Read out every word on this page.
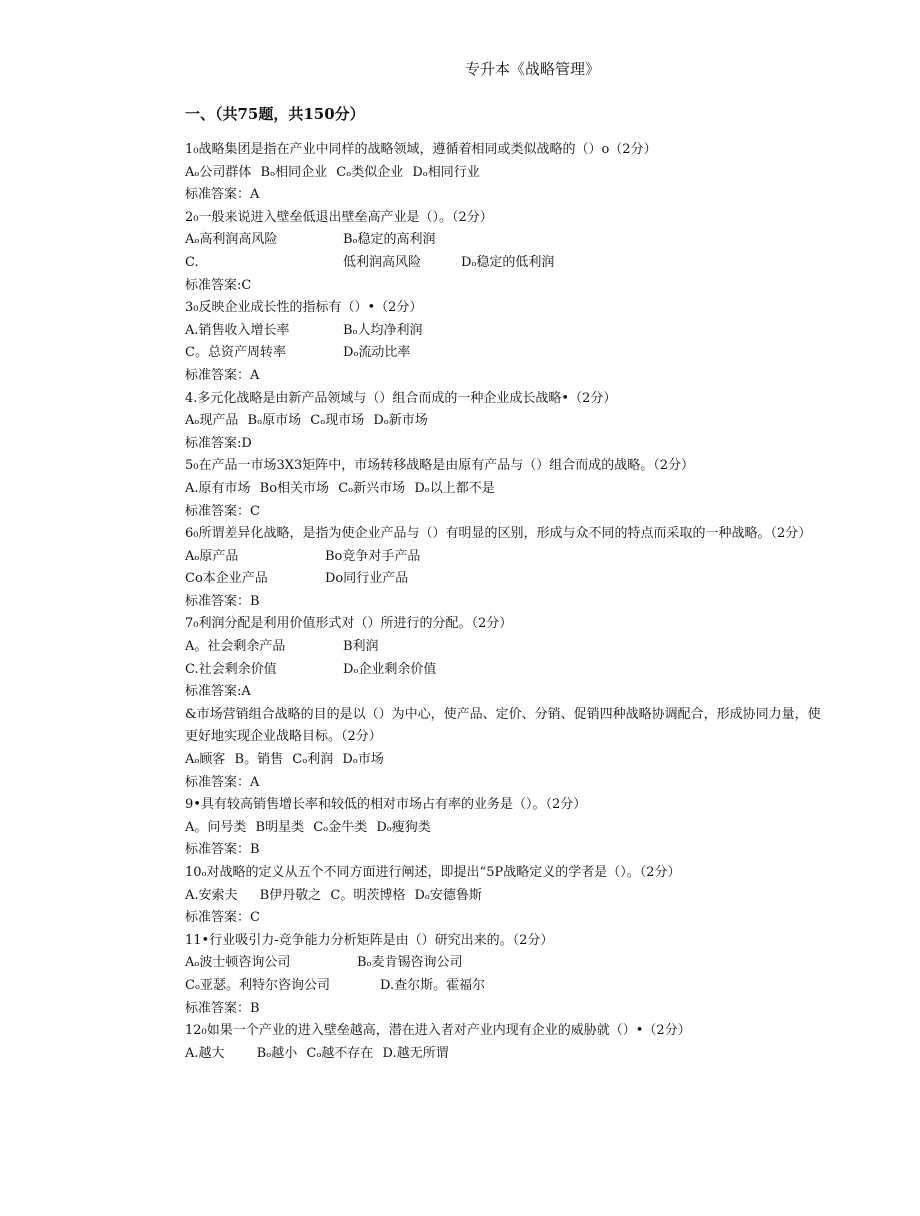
专升本《战略管理》
一、（共75题，共150分）
1₀战略集团是指在产业中同样的战略领域，遵循着相同或类似战略的（）o（2分）
Aₒ公司群体 Bₒ相同企业 Cₒ类似企业 Dₒ相同行业
标准答案：A
2₀一般来说进入壁垒低退出壁垒高产业是（）。（2分）
Aₒ高利润高风险	Bₒ稳定的高利润
C.	低利润高风险	Dₒ稳定的低利润
标准答案:C
3₀反映企业成长性的指标有（）•（2分）
A.销售收入增长率	Bₒ人均净利润
C。总资产周转率	Dₒ流动比率
标准答案：A
4.多元化战略是由新产品领域与（）组合而成的一种企业成长战略•（2分）
Aₒ现产品 Bₒ原市场 Cₒ现市场 Dₒ新市场
标准答案:D
5₀在产品一市场3X3矩阵中，市场转移战略是由原有产品与（）组合而成的战略。（2分）
A.原有市场 Bo相关市场 Cₒ新兴市场 Dₒ以上都不是
标准答案：C
6₀所谓差异化战略，是指为使企业产品与（）有明显的区别，形成与众不同的特点而采取的一种战略。（2分）
Aₒ原产品	Bo竞争对手产品
Co本企业产品	Do同行业产品
标准答案：B
7₀利润分配是利用价值形式对（）所进行的分配。（2分）
A。社会剩余产品	B利润
C.社会剩余价值	Dₒ企业剩余价值
标准答案:A
&市场营销组合战略的目的是以（）为中心，使产品、定价、分销、促销四种战略协调配合，形成协同力量，使
更好地实现企业战略目标。（2分）
Aₒ顾客 B。销售 Cₒ利润 Dₒ市场
标准答案：A
9•具有较高销售增长率和较低的相对市场占有率的业务是（）。（2分）
A。问号类 B明星类 Cₒ金牛类 Dₒ瘦狗类
标准答案：B
10ₒ对战略的定义从五个不同方面进行阐述，即提出“5P战略定义的学者是（）。（2分）
A.安索夫 B伊丹敬之 C。明茨博格 Dₒ安德鲁斯
标准答案：C
11•行业吸引力-竞争能力分析矩阵是由（）研究出来的。（2分）
Aₒ波士顿咨询公司	Bₒ麦肯锡咨询公司
Cₒ亚瑟。利特尔咨询公司	D.查尔斯。霍福尔
标准答案：B
12₀如果一个产业的进入壁垒越高，潜在进入者对产业内现有企业的威胁就（）•（2分）
A.越大 Bₒ越小 Cₒ越不存在 D.越无所谓
